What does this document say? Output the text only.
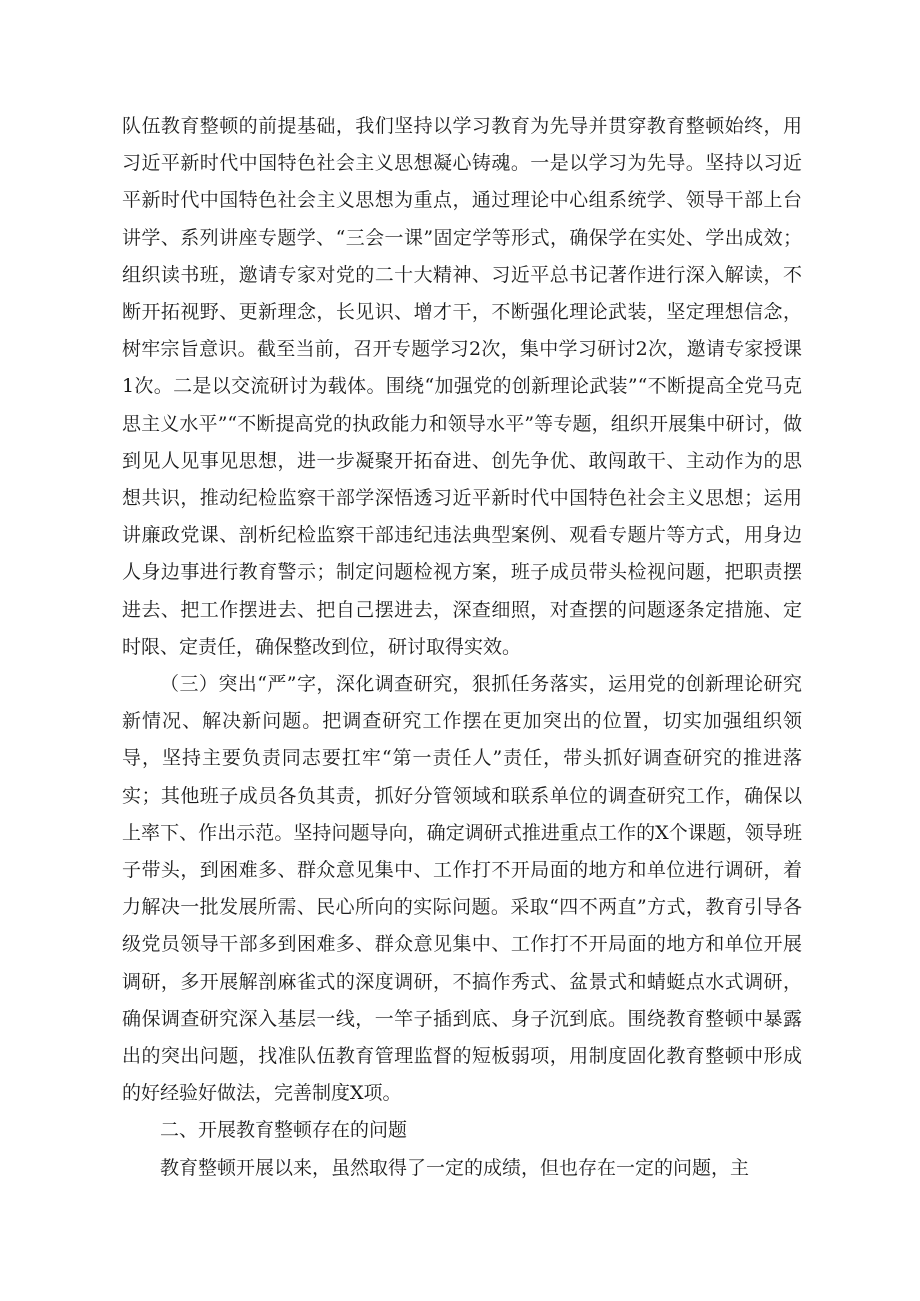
队伍教育整顿的前提基础，我们坚持以学习教育为先导并贯穿教育整顿始终，用习近平新时代中国特色社会主义思想凝心铸魂。一是以学习为先导。坚持以习近平新时代中国特色社会主义思想为重点，通过理论中心组系统学、领导干部上台讲学、系列讲座专题学、“三会一课”固定学等形式，确保学在实处、学出成效；组织读书班，邀请专家对党的二十大精神、习近平总书记著作进行深入解读，不断开拓视野、更新理念，长见识、增才干，不断强化理论武装，坚定理想信念，树牢宗旨意识。截至当前，召开专题学习2次，集中学习研讨2次，邀请专家授课1次。二是以交流研讨为载体。围绕“加强党的创新理论武装”“不断提高全党马克思主义水平”“不断提高党的执政能力和领导水平”等专题，组织开展集中研讨，做到见人见事见思想，进一步凝聚开拓奋进、创先争优、敢闯敢干、主动作为的思想共识，推动纪检监察干部学深悟透习近平新时代中国特色社会主义思想；运用讲廉政党课、剖析纪检监察干部违纪违法典型案例、观看专题片等方式，用身边人身边事进行教育警示；制定问题检视方案，班子成员带头检视问题，把职责摆进去、把工作摆进去、把自己摆进去，深查细照，对查摆的问题逐条定措施、定时限、定责任，确保整改到位，研讨取得实效。

（三）突出“严”字，深化调查研究，狠抓任务落实，运用党的创新理论研究新情况、解决新问题。把调查研究工作摆在更加突出的位置，切实加强组织领导，坚持主要负责同志要扛牢“第一责任人”责任，带头抓好调查研究的推进落实；其他班子成员各负其责，抓好分管领域和联系单位的调查研究工作，确保以上率下、作出示范。坚持问题导向，确定调研式推进重点工作的X个课题，领导班子带头，到困难多、群众意见集中、工作打不开局面的地方和单位进行调研，着力解决一批发展所需、民心所向的实际问题。采取“四不两直”方式，教育引导各级党员领导干部多到困难多、群众意见集中、工作打不开局面的地方和单位开展调研，多开展解剖麻雀式的深度调研，不搞作秀式、盆景式和蜻蜓点水式调研，确保调查研究深入基层一线，一竿子插到底、身子沉到底。围绕教育整顿中暴露出的突出问题，找准队伍教育管理监督的短板弱项，用制度固化教育整顿中形成的好经验好做法，完善制度X项。

二、开展教育整顿存在的问题

教育整顿开展以来，虽然取得了一定的成绩，但也存在一定的问题，主
